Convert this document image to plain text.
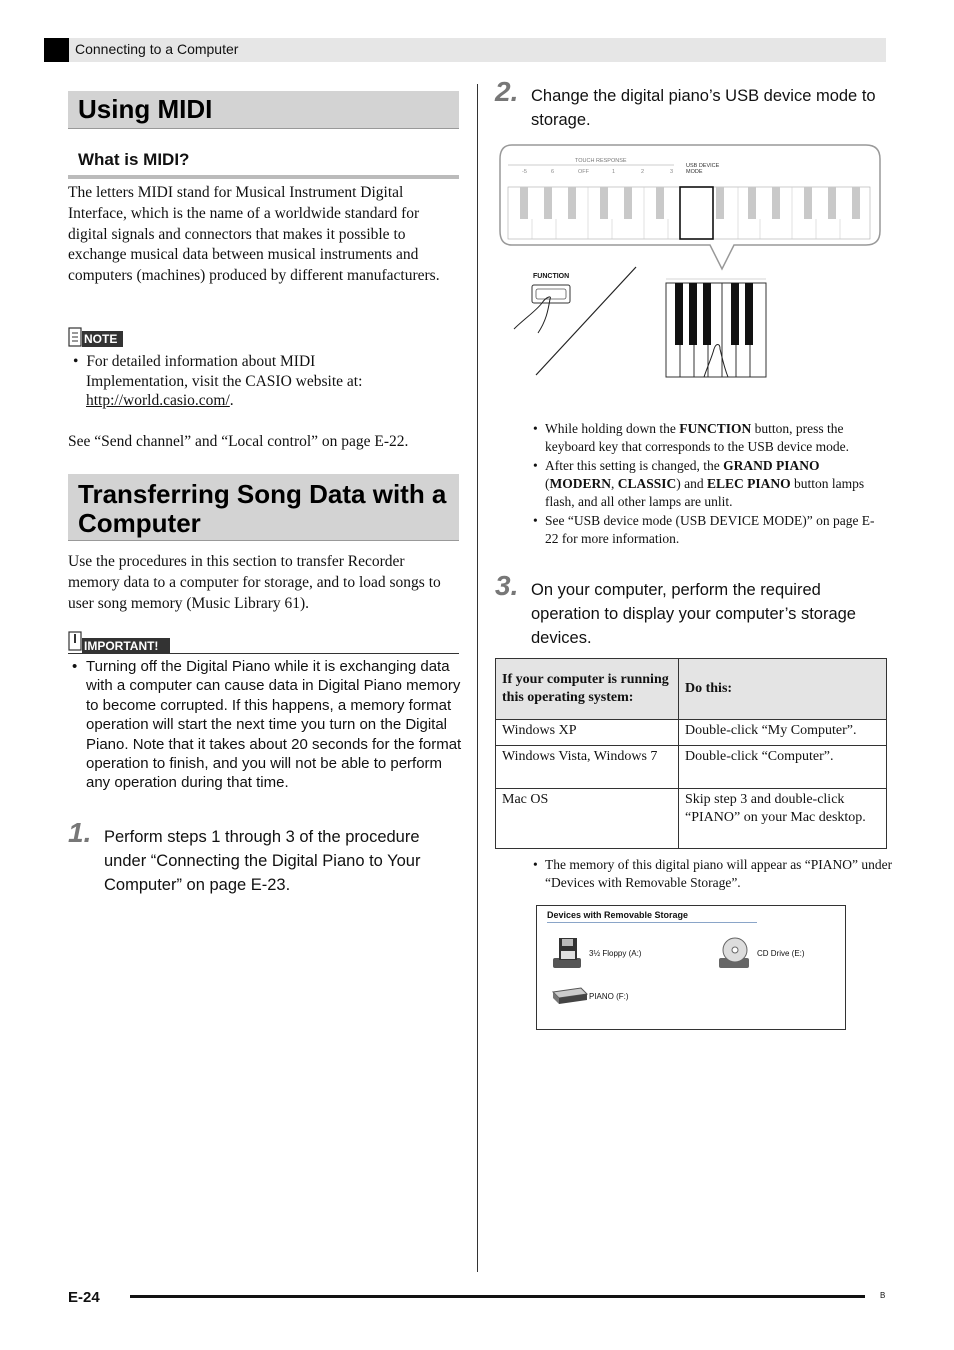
Connecting to a Computer
Using MIDI
What is MIDI?
The letters MIDI stand for Musical Instrument Digital Interface, which is the name of a worldwide standard for digital signals and connectors that makes it possible to exchange musical data between musical instruments and computers (machines) produced by different manufacturers.
NOTE
• For detailed information about MIDI
Implementation, visit the CASIO website at:
http://world.casio.com/.
See “Send channel” and “Local control” on page E-22.
Transferring Song Data with a
Computer
Use the procedures in this section to transfer Recorder memory data to a computer for storage, and to load songs to user song memory (Music Library 61).
IMPORTANT!
• Turning off the Digital Piano while it is exchanging data with a computer can cause data in Digital Piano memory to become corrupted. If this happens, a memory format operation will start the next time you turn on the Digital Piano. Note that it takes about 20 seconds for the format operation to finish, and you will not be able to perform any operation during that time.
1. Perform steps 1 through 3 of the procedure under “Connecting the Digital Piano to Your Computer” on page E-23.
2. Change the digital piano’s USB device mode to storage.
TOUCH RESPONSE
USB DEVICE
MODE
-5	6	OFF	1	2	3
FUNCTION
• While holding down the FUNCTION button, press the keyboard key that corresponds to the USB device mode.
• After this setting is changed, the GRAND PIANO (MODERN, CLASSIC) and ELEC PIANO button lamps flash, and all other lamps are unlit.
• See “USB device mode (USB DEVICE MODE)” on page E-22 for more information.
3. On your computer, perform the required operation to display your computer’s storage devices.
If your computer is running this operating system:	Do this:
Windows XP	Double-click “My Computer”.
Windows Vista, Windows 7	Double-click “Computer”.
Mac OS	Skip step 3 and double-click “PIANO” on your Mac desktop.
• The memory of this digital piano will appear as “PIANO” under “Devices with Removable Storage”.
Devices with Removable Storage
3½ Floppy (A:)	CD Drive (E:)
PIANO (F:)
E-24	B
